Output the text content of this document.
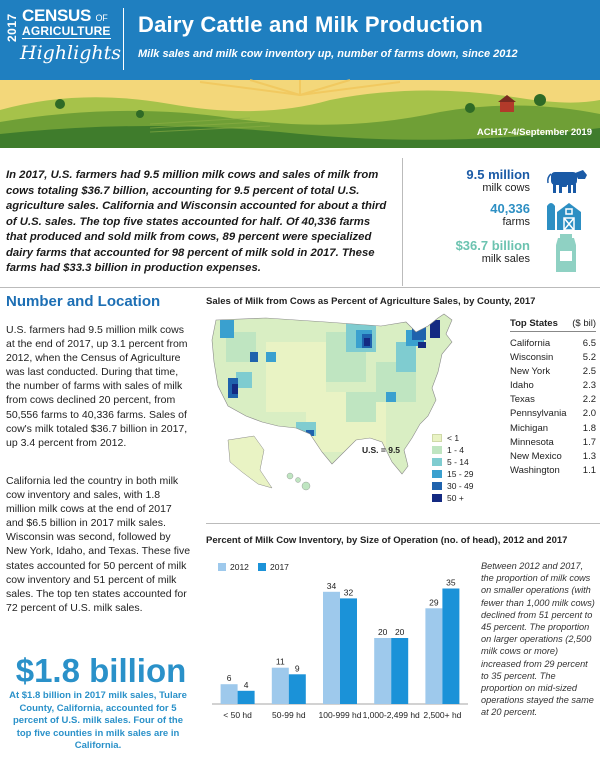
2017 CENSUS OF
AGRICULTURE
Highlights
Dairy Cattle and Milk Production
Milk sales and milk cow inventory up, number of farms down, since 2012
ACH17-4/September 2019
In 2017, U.S. farmers had 9.5 million milk cows and sales of milk from cows totaling $36.7 billion, accounting for 9.5 percent of total U.S. agriculture sales. California and Wisconsin accounted for about a third of U.S. sales. The top five states accounted for half. Of 40,336 farms that produced and sold milk from cows, 89 percent were specialized dairy farms that accounted for 98 percent of milk sold in 2017. These farms had $33.3 billion in production expenses.
9.5 million
milk cows
40,336
farms
$36.7 billion
milk sales
Number and Location
U.S. farmers had 9.5 million milk cows at the end of 2017, up 3.1 percent from 2012, when the Census of Agriculture was last conducted. During that time, the number of farms with sales of milk from cows declined 20 percent, from 50,556 farms to 40,336 farms. Sales of cow's milk totaled $36.7 billion in 2017, up 3.4 percent from 2012.
California led the country in both milk cow inventory and sales, with 1.8 million milk cows at the end of 2017 and $6.5 billion in 2017 milk sales. Wisconsin was second, followed by New York, Idaho, and Texas. These five states accounted for 50 percent of milk cow inventory and 51 percent of milk sales. The top ten states accounted for 72 percent of U.S. milk sales.
$1.8 billion
At $1.8 billion in 2017 milk sales, Tulare County, California, accounted for 5 percent of U.S. milk sales. Four of the top five counties in milk sales are in California.
Sales of Milk from Cows as Percent of Agriculture Sales, by County, 2017
< 1
1 - 4
5 - 14
15 - 29
30 - 49
50 +
U.S. = 9.5
Top States ($ bil)
California	6.5
Wisconsin	5.2
New York	2.5
Idaho	2.3
Texas	2.2
Pennsylvania 2.0
Michigan	1.8
Minnesota	1.7
New Mexico 1.3
Washington 1.1
Percent of Milk Cow Inventory, by Size of Operation (no. of head), 2012 and 2017
2012 2017
6
4
< 50 hd
11
9
50-99 hd
34
32
100-999 hd
20 20
1,000-2,499 hd
29
35
2,500+ hd
Between 2012 and 2017, the proportion of milk cows on smaller operations (with fewer than 1,000 milk cows) declined from 51 percent to 45 percent. The proportion on larger operations (2,500 milk cows or more) increased from 29 percent to 35 percent. The proportion on mid-sized operations stayed the same at 20 percent.
